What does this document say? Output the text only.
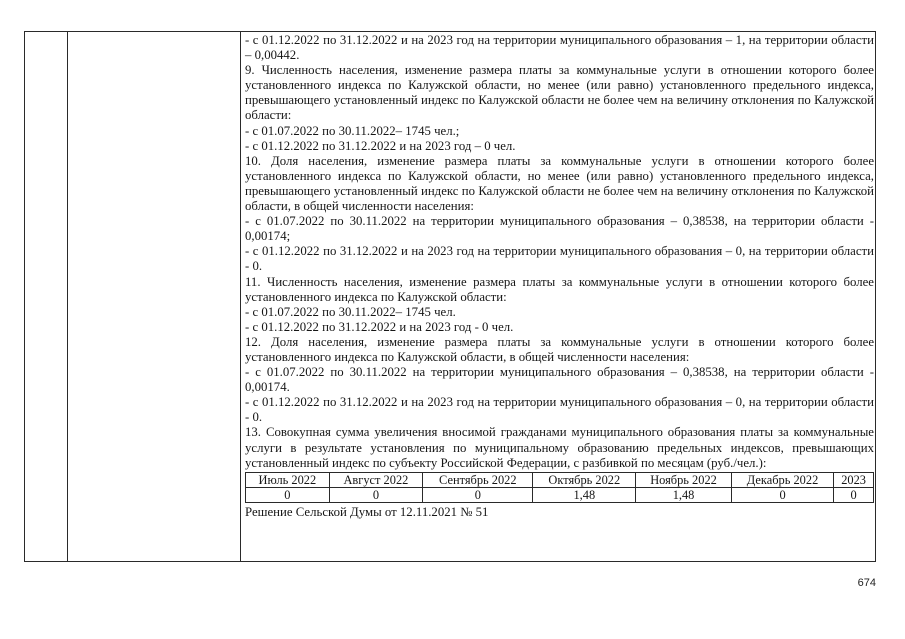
- с 01.12.2022 по 31.12.2022 и на 2023 год на территории муниципального образования – 1, на территории области – 0,00442.

9. Численность населения, изменение размера платы за коммунальные услуги в отношении которого более установленного индекса по Калужской области, но менее (или равно) установленного предельного индекса, превышающего установленный индекс по Калужской области не более чем на величину отклонения по Калужской области:

- с 01.07.2022 по 30.11.2022– 1745 чел.;

- с 01.12.2022 по 31.12.2022 и на 2023 год – 0 чел.

10. Доля населения, изменение размера платы за коммунальные услуги в отношении которого более установленного индекса по Калужской области, но менее (или равно) установленного предельного индекса, превышающего установленный индекс по Калужской области не более чем на величину отклонения по Калужской области, в общей численности населения:

- с 01.07.2022 по 30.11.2022 на территории муниципального образования – 0,38538, на территории области - 0,00174;

- с 01.12.2022 по 31.12.2022 и на 2023 год на территории муниципального образования – 0, на территории области - 0.

11. Численность населения, изменение размера платы за коммунальные услуги в отношении которого более установленного индекса по Калужской области:

- с 01.07.2022 по 30.11.2022– 1745 чел.

- с 01.12.2022 по 31.12.2022 и на 2023 год - 0 чел.

12. Доля населения, изменение размера платы за коммунальные услуги в отношении которого более установленного индекса по Калужской области, в общей численности населения:

- с 01.07.2022 по 30.11.2022 на территории муниципального образования – 0,38538, на территории области - 0,00174.

- с 01.12.2022 по 31.12.2022 и на 2023 год на территории муниципального образования – 0, на территории области - 0.

13. Совокупная сумма увеличения вносимой гражданами муниципального образования платы за коммунальные услуги в результате установления по муниципальному образованию предельных индексов, превышающих установленный индекс по субъекту Российской Федерации, с разбивкой по месяцам (руб./чел.):

Июль 2022	Август 2022	Сентябрь 2022	Октябрь 2022	Ноябрь 2022	Декабрь 2022	2023
0	0	0	1,48	1,48	0	0
Решение Сельской Думы от 12.11.2021 № 51
674
